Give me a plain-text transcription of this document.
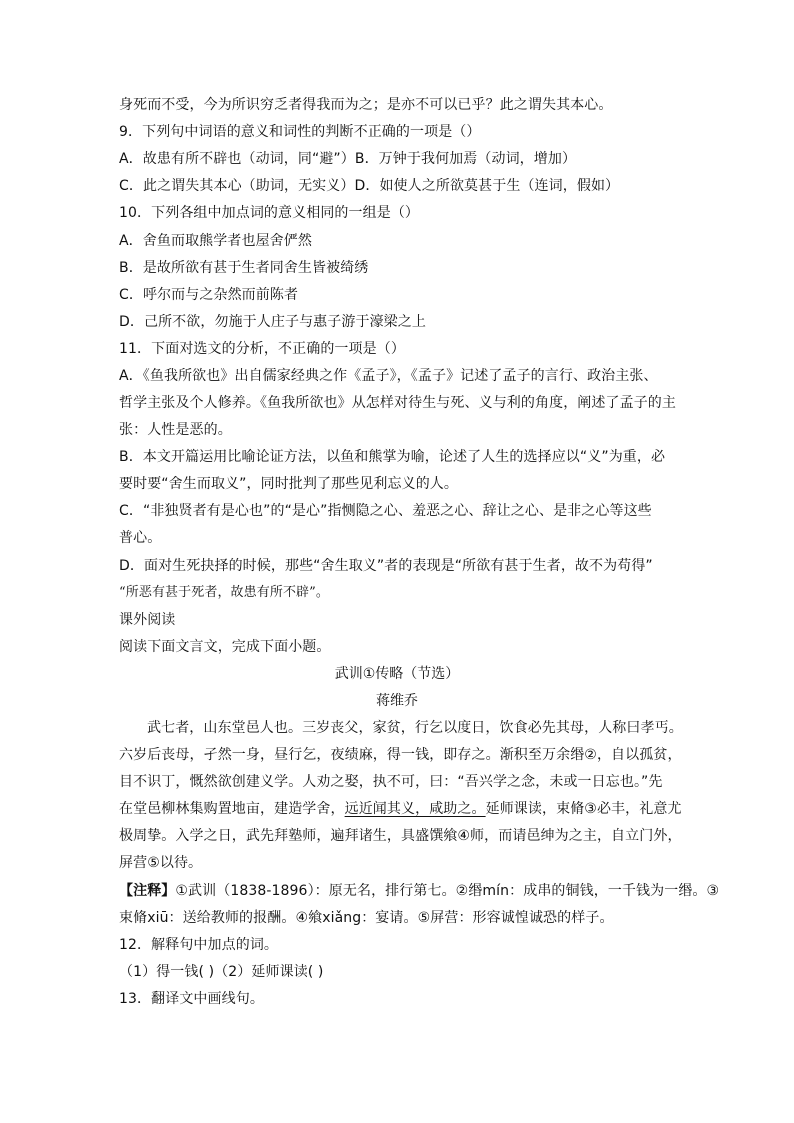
身死而不受，今为所识穷乏者得我而为之；是亦不可以已乎？此之谓失其本心。
9．下列句中词语的意义和词性的判断不正确的一项是（）
A．故患有所不辟也（动词，同“避”）B．万钟于我何加焉（动词，增加）
C．此之谓失其本心（助词，无实义）D．如使人之所欲莫甚于生（连词，假如）
10．下列各组中加点词的意义相同的一组是（）
A．舍鱼而取熊学者也屋舍俨然
B．是故所欲有甚于生者同舍生皆被绮绣
C．呼尔而与之杂然而前陈者
D．己所不欲，勿施于人庄子与惠子游于濠梁之上
11．下面对选文的分析，不正确的一项是（）
A．《鱼我所欲也》出自儒家经典之作《孟子》，《孟子》记述了孟子的言行、政治主张、
哲学主张及个人修养。《鱼我所欲也》从怎样对待生与死、义与利的角度，阐述了孟子的主
张：人性是恶的。
B．本文开篇运用比喻论证方法，以鱼和熊掌为喻，论述了人生的选择应以“义”为重，必
要时要“舍生而取义”，同时批判了那些见利忘义的人。
C．“非独贤者有是心也”的“是心”指恻隐之心、羞恶之心、辞让之心、是非之心等这些
普心。
D．面对生死抉择的时候，那些“舍生取义”者的表现是“所欲有甚于生者，故不为苟得”
“所恶有甚于死者，故患有所不辟”。
课外阅读
阅读下面文言文，完成下面小题。
武训①传略（节选）
蒋维乔
武七者，山东堂邑人也。三岁丧父，家贫，行乞以度日，饮食必先其母，人称曰孝丐。
六岁后丧母，孑然一身，昼行乞，夜绩麻，得一钱，即存之。渐积至万余缗②，自以孤贫，
目不识丁，慨然欲创建义学。人劝之娶，执不可，曰：“吾兴学之念，未或一日忘也。”先
在堂邑柳林集购置地亩，建造学舍，远近闻其义，咸助之。延师课读，束脩③必丰，礼意尤
极周挚。入学之日，武先拜塾师，遍拜诸生，具盛馔飨④师，而请邑绅为之主，自立门外，
屏营⑤以待。
【注释】①武训（1838-1896）：原无名，排行第七。②缗mín：成串的铜钱，一千钱为一缗。③
束脩xiū：送给教师的报酬。④飨xiǎng：宴请。⑤屏营：形容诚惶诚恐的样子。
12．解释句中加点的词。
（1）得一钱( )（2）延师课读( )
13．翻译文中画线句。
